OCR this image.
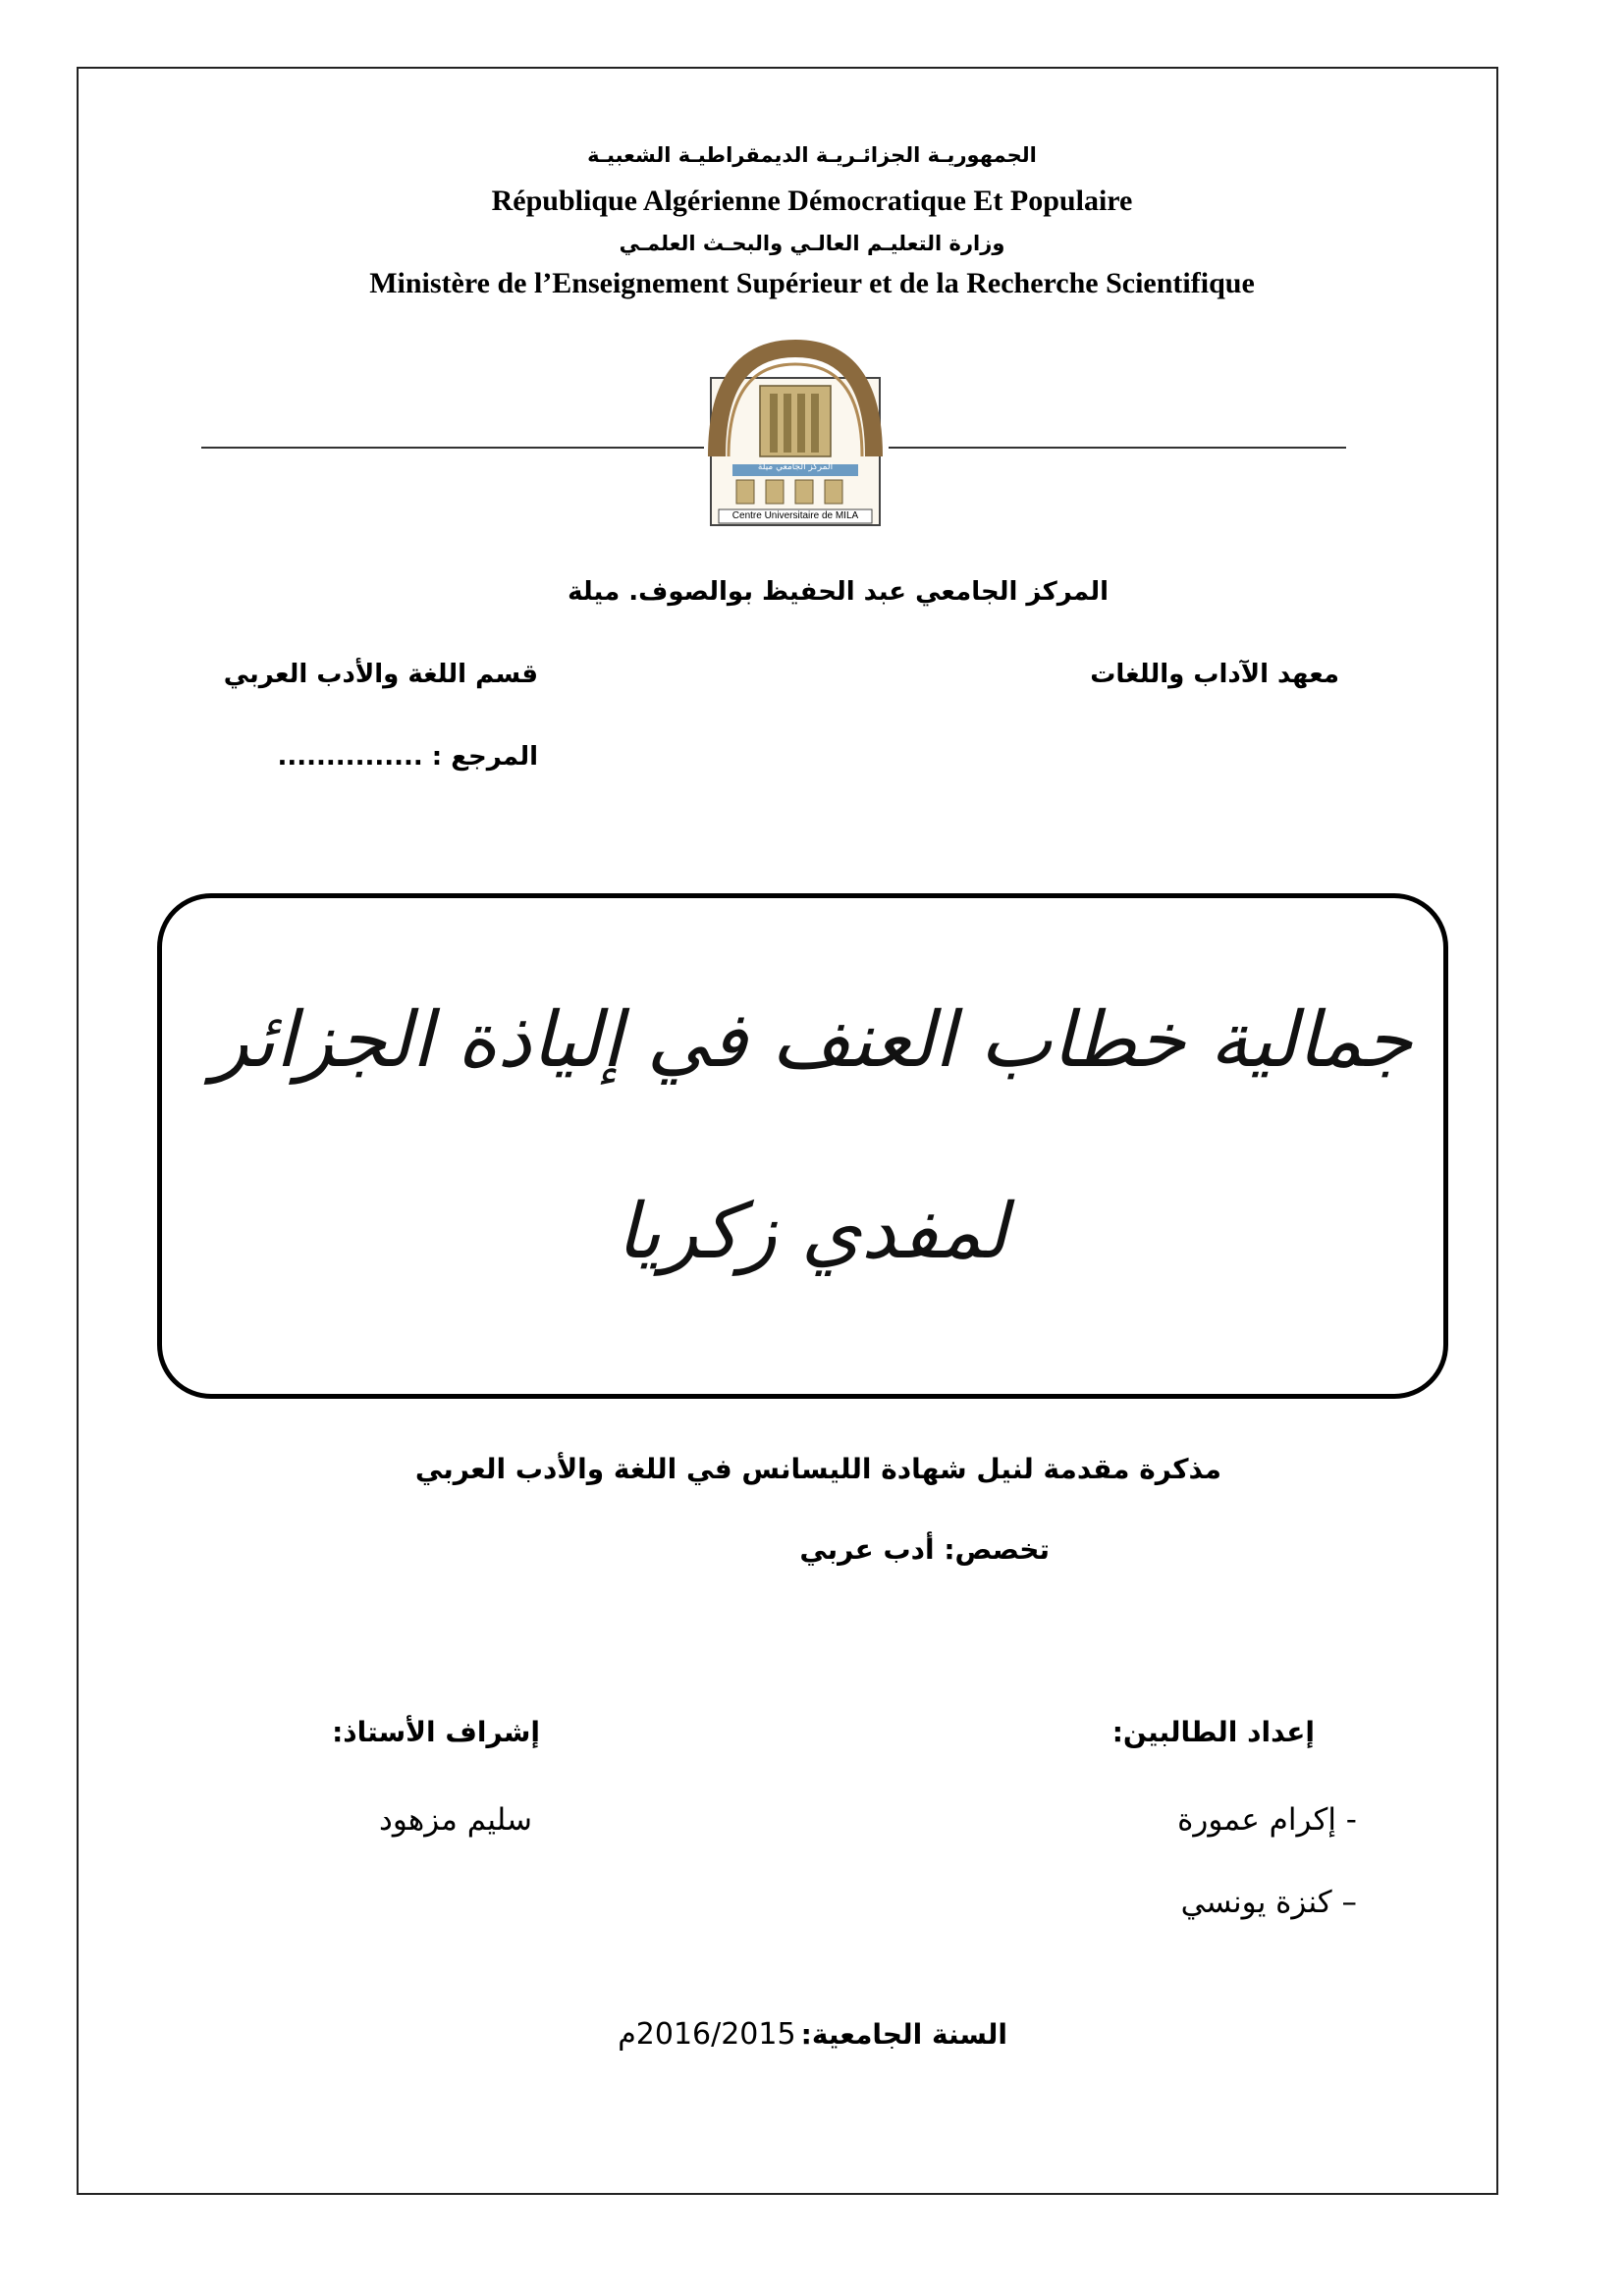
الجمهوريـة الجزائـريـة الديمقراطيـة الشعبيـة
République Algérienne Démocratique Et Populaire
وزارة التعليـم العالـي والبحـث العلمـي
Ministère de l’Enseignement Supérieur et de la Recherche Scientifique
المركز الجامعي ميلة
Centre Universitaire de MILA
المركز الجامعي عبد الحفيظ بوالصوف. ميلة
معهد الآداب واللغات
قسم اللغة والأدب العربي
المرجع : ...............
جمالية خطاب العنف في إلياذة الجزائر
لمفدي زكريا
مذكرة مقدمة لنيل شهادة الليسانس في اللغة والأدب العربي
تخصص: أدب عربي
إعداد الطالبين:
إشراف الأستاذ:
- إكرام عمورة
سليم مزهود
– كنزة يونسي
السنة الجامعية: 2016/2015م
